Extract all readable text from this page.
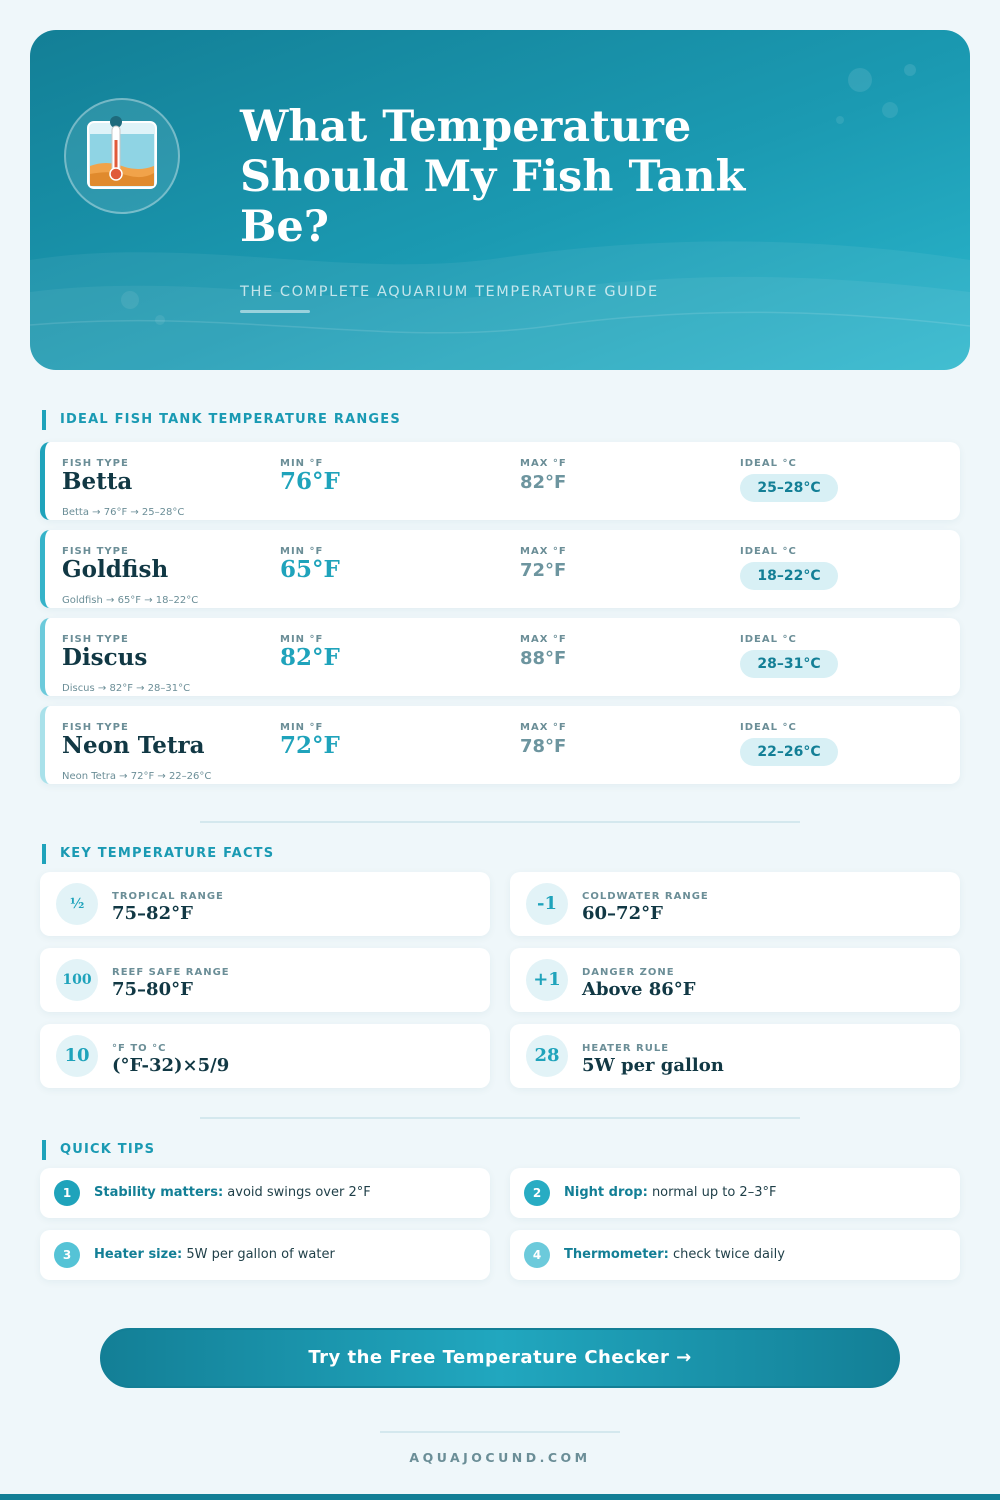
What Temperature Should My Fish Tank Be?
THE COMPLETE AQUARIUM TEMPERATURE GUIDE
IDEAL FISH TANK TEMPERATURE RANGES
FISH TYPE
Betta
Betta → 76°F → 25–28°C
MIN °F
76°F
MAX °F
82°F
IDEAL °C
25–28°C
FISH TYPE
Goldfish
Goldfish → 65°F → 18–22°C
MIN °F
65°F
MAX °F
72°F
IDEAL °C
18–22°C
FISH TYPE
Discus
Discus → 82°F → 28–31°C
MIN °F
82°F
MAX °F
88°F
IDEAL °C
28–31°C
FISH TYPE
Neon Tetra
Neon Tetra → 72°F → 22–26°C
MIN °F
72°F
MAX °F
78°F
IDEAL °C
22–26°C
KEY TEMPERATURE FACTS
½	TROPICAL RANGE
75–82°F	-1	COLDWATER RANGE
60–72°F
100	REEF SAFE RANGE
75–80°F	+1	DANGER ZONE
Above 86°F
10	°F TO °C
(°F-32)×5/9	28	HEATER RULE
5W per gallon
QUICK TIPS
1	Stability matters: avoid swings over 2°F	2	Night drop: normal up to 2–3°F
3	Heater size: 5W per gallon of water	4	Thermometer: check twice daily
Try the Free Temperature Checker →
AQUAJOCUND.COM
